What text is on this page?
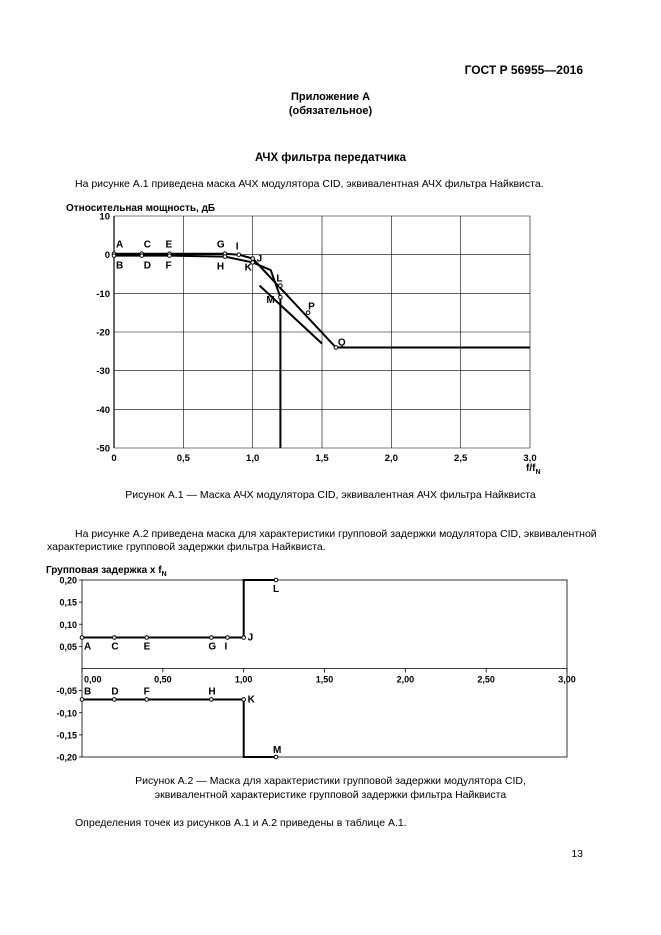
ГОСТ Р 56955—2016
Приложение А
(обязательное)
АЧХ фильтра передатчика
На рисунке А.1 приведена маска АЧХ модулятора CID, эквивалентная АЧХ фильтра Найквиста.
A C E	G I
J
B D F	H K
L
M
P
Q
0	0,5	1,0	1,5	2,0	2,5	3,0
10
0
-10
-20
-30
-40
-50
Относительная мощность, дБ
$f/f_N$
Рисунок А.1 — Маска АЧХ модулятора CID, эквивалентная АЧХ фильтра Найквиста
На рисунке А.2 приведена маска для характеристики групповой задержки модулятора CID, эквивалентной
характеристике групповой задержки фильтра Найквиста.
A C	E	G I
J
L
B D	F	H
K
M
0,00	0,50	1,00	1,50	2,00	2,50	3,00
0,20
0,15
0,10
0,05
-0,05
-0,10
-0,15
-0,20
Групповая задержка x $f_N$
Рисунок А.2 — Маска для характеристики групповой задержки модулятора CID,
эквивалентной характеристике групповой задержки фильтра Найквиста
Определения точек из рисунков А.1 и А.2 приведены в таблице А.1.
13
